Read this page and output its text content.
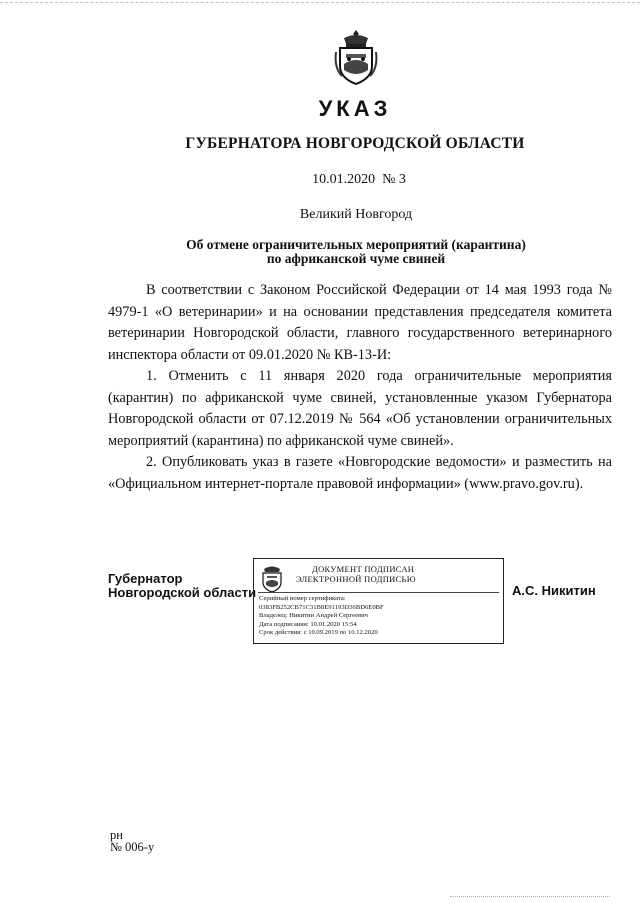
УКАЗ
ГУБЕРНАТОРА НОВГОРОДСКОЙ ОБЛАСТИ
10.01.2020 № 3
Великий Новгород
Об отмене ограничительных мероприятий (карантина)
по африканской чуме свиней

В соответствии с Законом Российской Федерации от 14 мая 1993 года № 4979-1 «О ветеринарии» и на основании представления председателя комитета ветеринарии Новгородской области, главного государственного ветеринарного инспектора области от 09.01.2020 № КВ-13-И:

1. Отменить с 11 января 2020 года ограничительные мероприятия (карантин) по африканской чуме свиней, установленные указом Губернатора Новгородской области от 07.12.2019 № 564 «Об установлении ограничительных мероприятий (карантина) по африканской чуме свиней».

2. Опубликовать указ в газете «Новгородские ведомости» и разместить на «Официальном интернет-портале правовой информации» (www.pravo.gov.ru).

Губернатор
Новгородской области
ДОКУМЕНТ ПОДПИСАН
ЭЛЕКТРОННОЙ ПОДПИСЬЮ
Серийный номер сертификата:
0383FB252CB71C31B8E91193D36BD6E0BF
Владелец: Никитин Андрей Сергеевич
Дата подписания: 10.01.2020 15:54
Срок действия: с 10.09.2019 по 10.12.2020
А.С. Никитин
рн
№ 006-у
